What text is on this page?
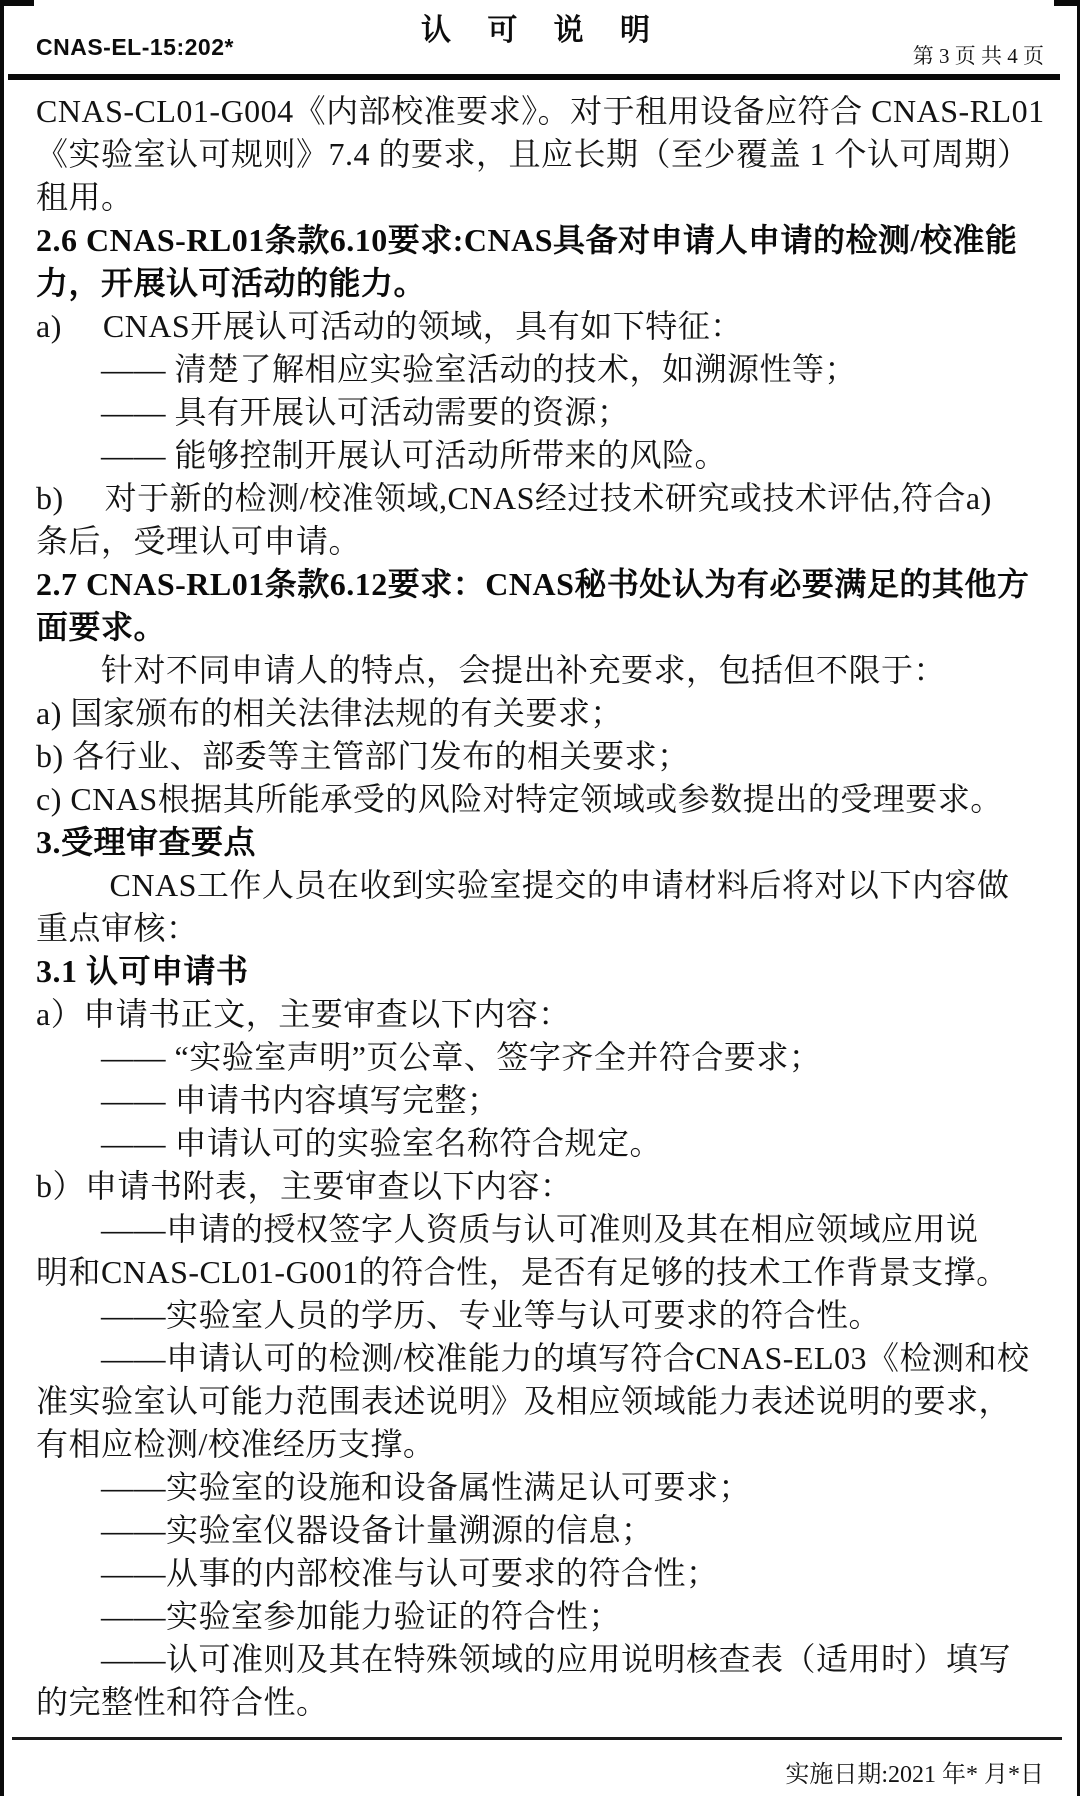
认 可 说 明
CNAS-EL-15:202*	第 3 页 共 4 页
CNAS-CL01-G004《内部校准要求》。对于租用设备应符合 CNAS-RL01
《实验室认可规则》7.4 的要求，且应长期（至少覆盖 1 个认可周期）
租用。
2.6 CNAS-RL01条款6.10要求:CNAS具备对申请人申请的检测/校准能
力，开展认可活动的能力。
a)　 CNAS开展认可活动的领域，具有如下特征：
　　—— 清楚了解相应实验室活动的技术，如溯源性等；
　　—— 具有开展认可活动需要的资源；
　　—— 能够控制开展认可活动所带来的风险。
b)　 对于新的检测/校准领域,CNAS经过技术研究或技术评估,符合a)
条后，受理认可申请。
2.7 CNAS-RL01条款6.12要求：CNAS秘书处认为有必要满足的其他方
面要求。
　　针对不同申请人的特点，会提出补充要求，包括但不限于：
a) 国家颁布的相关法律法规的有关要求；
b) 各行业、部委等主管部门发布的相关要求；
c) CNAS根据其所能承受的风险对特定领域或参数提出的受理要求。
3.受理审查要点
　　 CNAS工作人员在收到实验室提交的申请材料后将对以下内容做
重点审核：
3.1 认可申请书
a）申请书正文，主要审查以下内容：
　　—— “实验室声明”页公章、签字齐全并符合要求；
　　—— 申请书内容填写完整；
　　—— 申请认可的实验室名称符合规定。
b）申请书附表，主要审查以下内容：
　　——申请的授权签字人资质与认可准则及其在相应领域应用说
明和CNAS-CL01-G001的符合性，是否有足够的技术工作背景支撑。
　　——实验室人员的学历、专业等与认可要求的符合性。
　　——申请认可的检测/校准能力的填写符合CNAS-EL03《检测和校
准实验室认可能力范围表述说明》及相应领域能力表述说明的要求，
有相应检测/校准经历支撑。
　　——实验室的设施和设备属性满足认可要求；
　　——实验室仪器设备计量溯源的信息；
　　——从事的内部校准与认可要求的符合性；
　　——实验室参加能力验证的符合性；
　　——认可准则及其在特殊领域的应用说明核查表（适用时）填写
的完整性和符合性。
实施日期:2021 年* 月*日
